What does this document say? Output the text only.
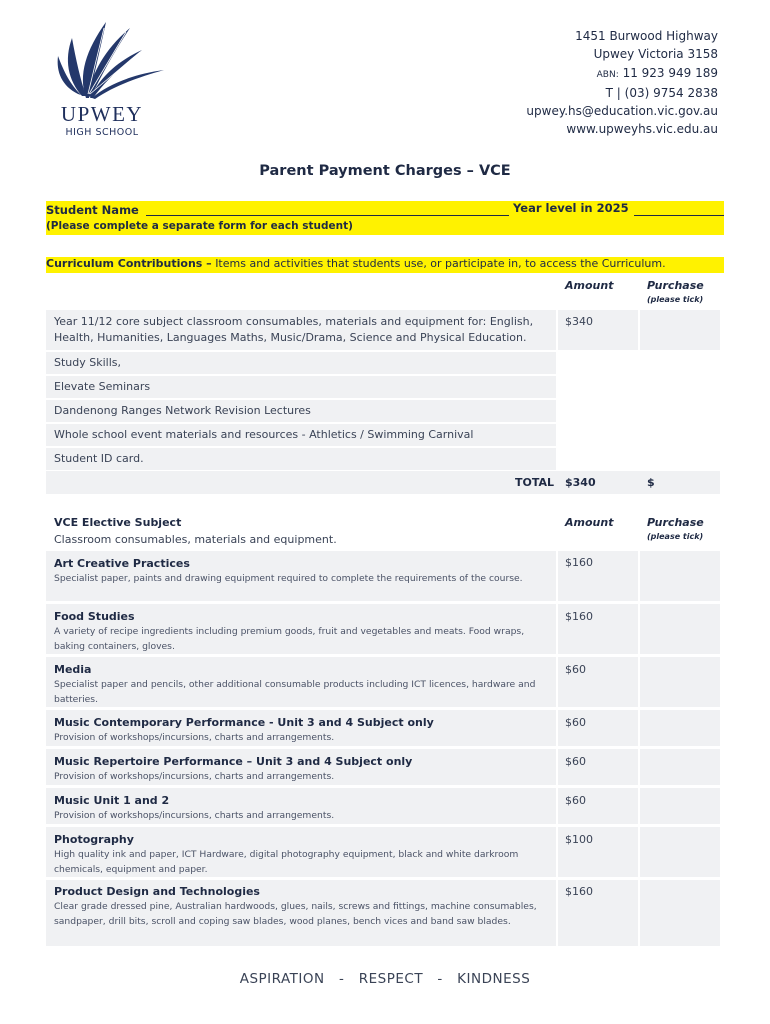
UPWEY
HIGH SCHOOL
1451 Burwood Highway
Upwey Victoria 3158
ABN: 11 923 949 189
T | (03) 9754 2838
upwey.hs@education.vic.gov.au
www.upweyhs.vic.edu.au
Parent Payment Charges – VCE
Student Name	Year level in 2025
(Please complete a separate form for each student)
Curriculum Contributions – Items and activities that students use, or participate in, to access the Curriculum.
Amount	Purchase
(please tick)
Year 11/12 core subject classroom consumables, materials and equipment for: English, Health, Humanities, Languages Maths, Music/Drama, Science and Physical Education.
$340
Study Skills,
Elevate Seminars
Dandenong Ranges Network Revision Lectures
Whole school event materials and resources - Athletics / Swimming Carnival
Student ID card.
TOTAL $340	$
VCE Elective Subject
Classroom consumables, materials and equipment.
Amount	Purchase
(please tick)
Art Creative Practices
Specialist paper, paints and drawing equipment required to complete the requirements of the course.
$160
Food Studies
A variety of recipe ingredients including premium goods, fruit and vegetables and meats. Food wraps, baking containers, gloves.
$160
Media
Specialist paper and pencils, other additional consumable products including ICT licences, hardware and batteries.
$60
Music Contemporary Performance - Unit 3 and 4 Subject only
Provision of workshops/incursions, charts and arrangements.
$60
Music Repertoire Performance – Unit 3 and 4 Subject only
Provision of workshops/incursions, charts and arrangements.
$60
Music Unit 1 and 2
Provision of workshops/incursions, charts and arrangements.
$60
Photography
High quality ink and paper, ICT Hardware, digital photography equipment, black and white darkroom chemicals, equipment and paper.
$100
Product Design and Technologies
Clear grade dressed pine, Australian hardwoods, glues, nails, screws and fittings, machine consumables, sandpaper, drill bits, scroll and coping saw blades, wood planes, bench vices and band saw blades.
$160
ASPIRATION   -   RESPECT   -   KINDNESS
